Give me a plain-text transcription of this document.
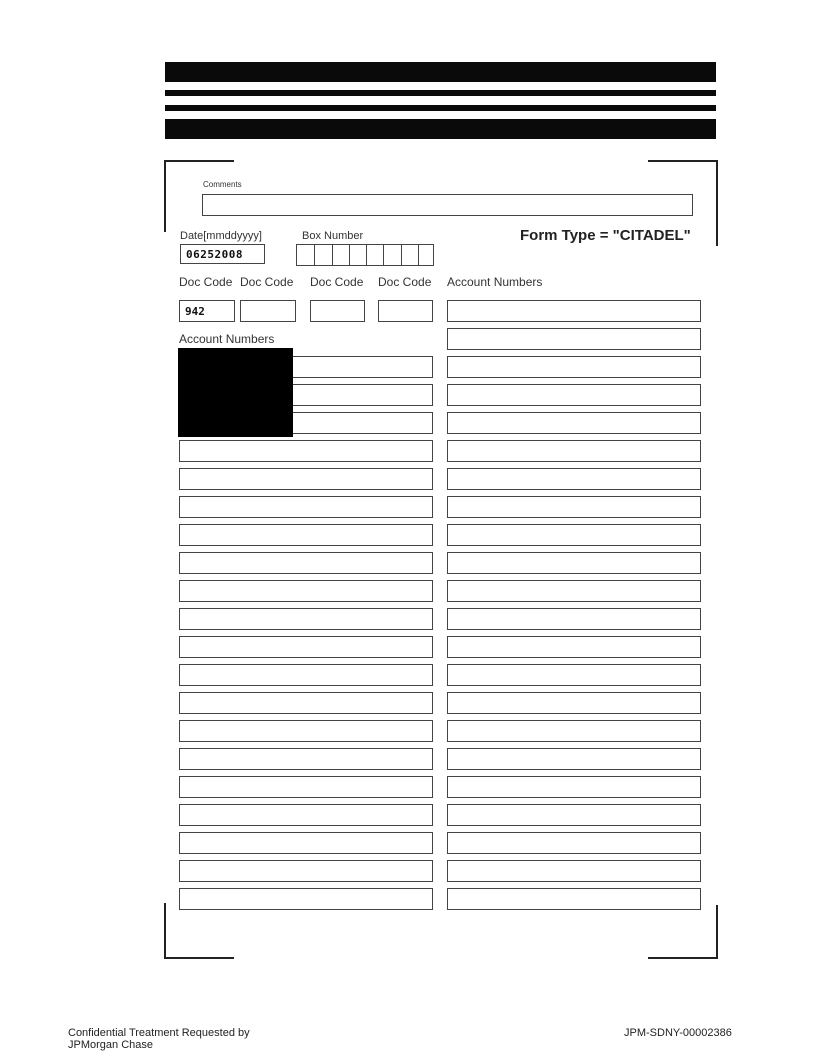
Comments
Date[mmddyyyy]
06252008
Box Number	Form Type = "CITADEL"
Doc Code Doc Code Doc Code Doc Code Account Numbers
942
Account Numbers
Confidential Treatment Requested by
JPMorgan Chase
JPM-SDNY-00002386
